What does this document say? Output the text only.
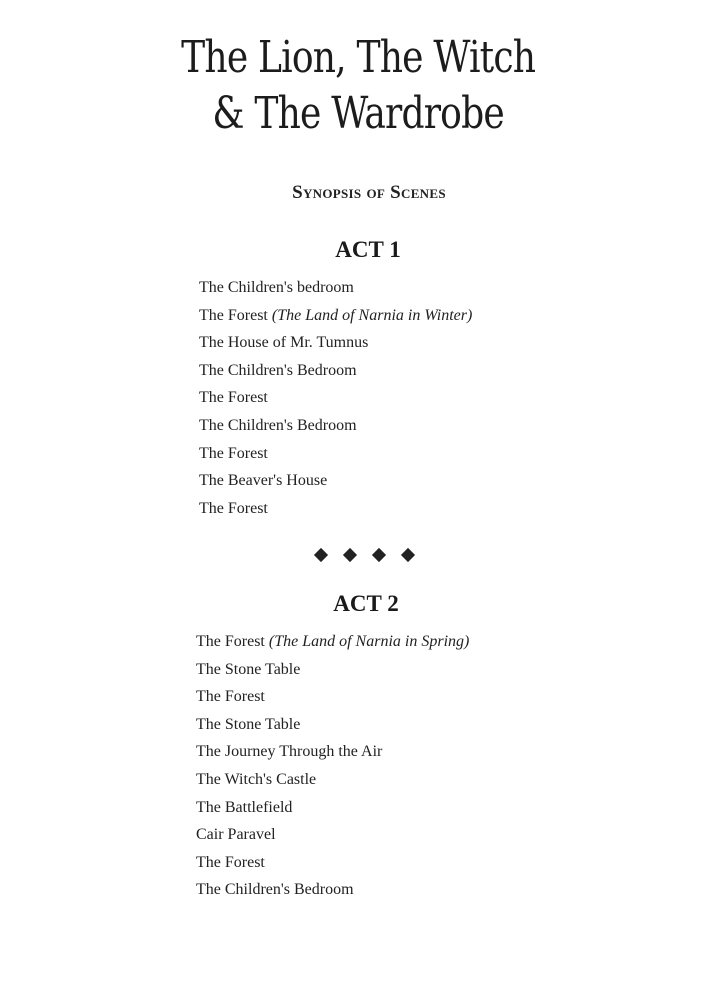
The Lion, The Witch
& The Wardrobe
Synopsis of Scenes
ACT 1
The Children's bedroom
The Forest (The Land of Narnia in Winter)
The House of Mr. Tumnus
The Children's Bedroom
The Forest
The Children's Bedroom
The Forest
The Beaver's House
The Forest
ACT 2
The Forest (The Land of Narnia in Spring)
The Stone Table
The Forest
The Stone Table
The Journey Through the Air
The Witch's Castle
The Battlefield
Cair Paravel
The Forest
The Children's Bedroom
